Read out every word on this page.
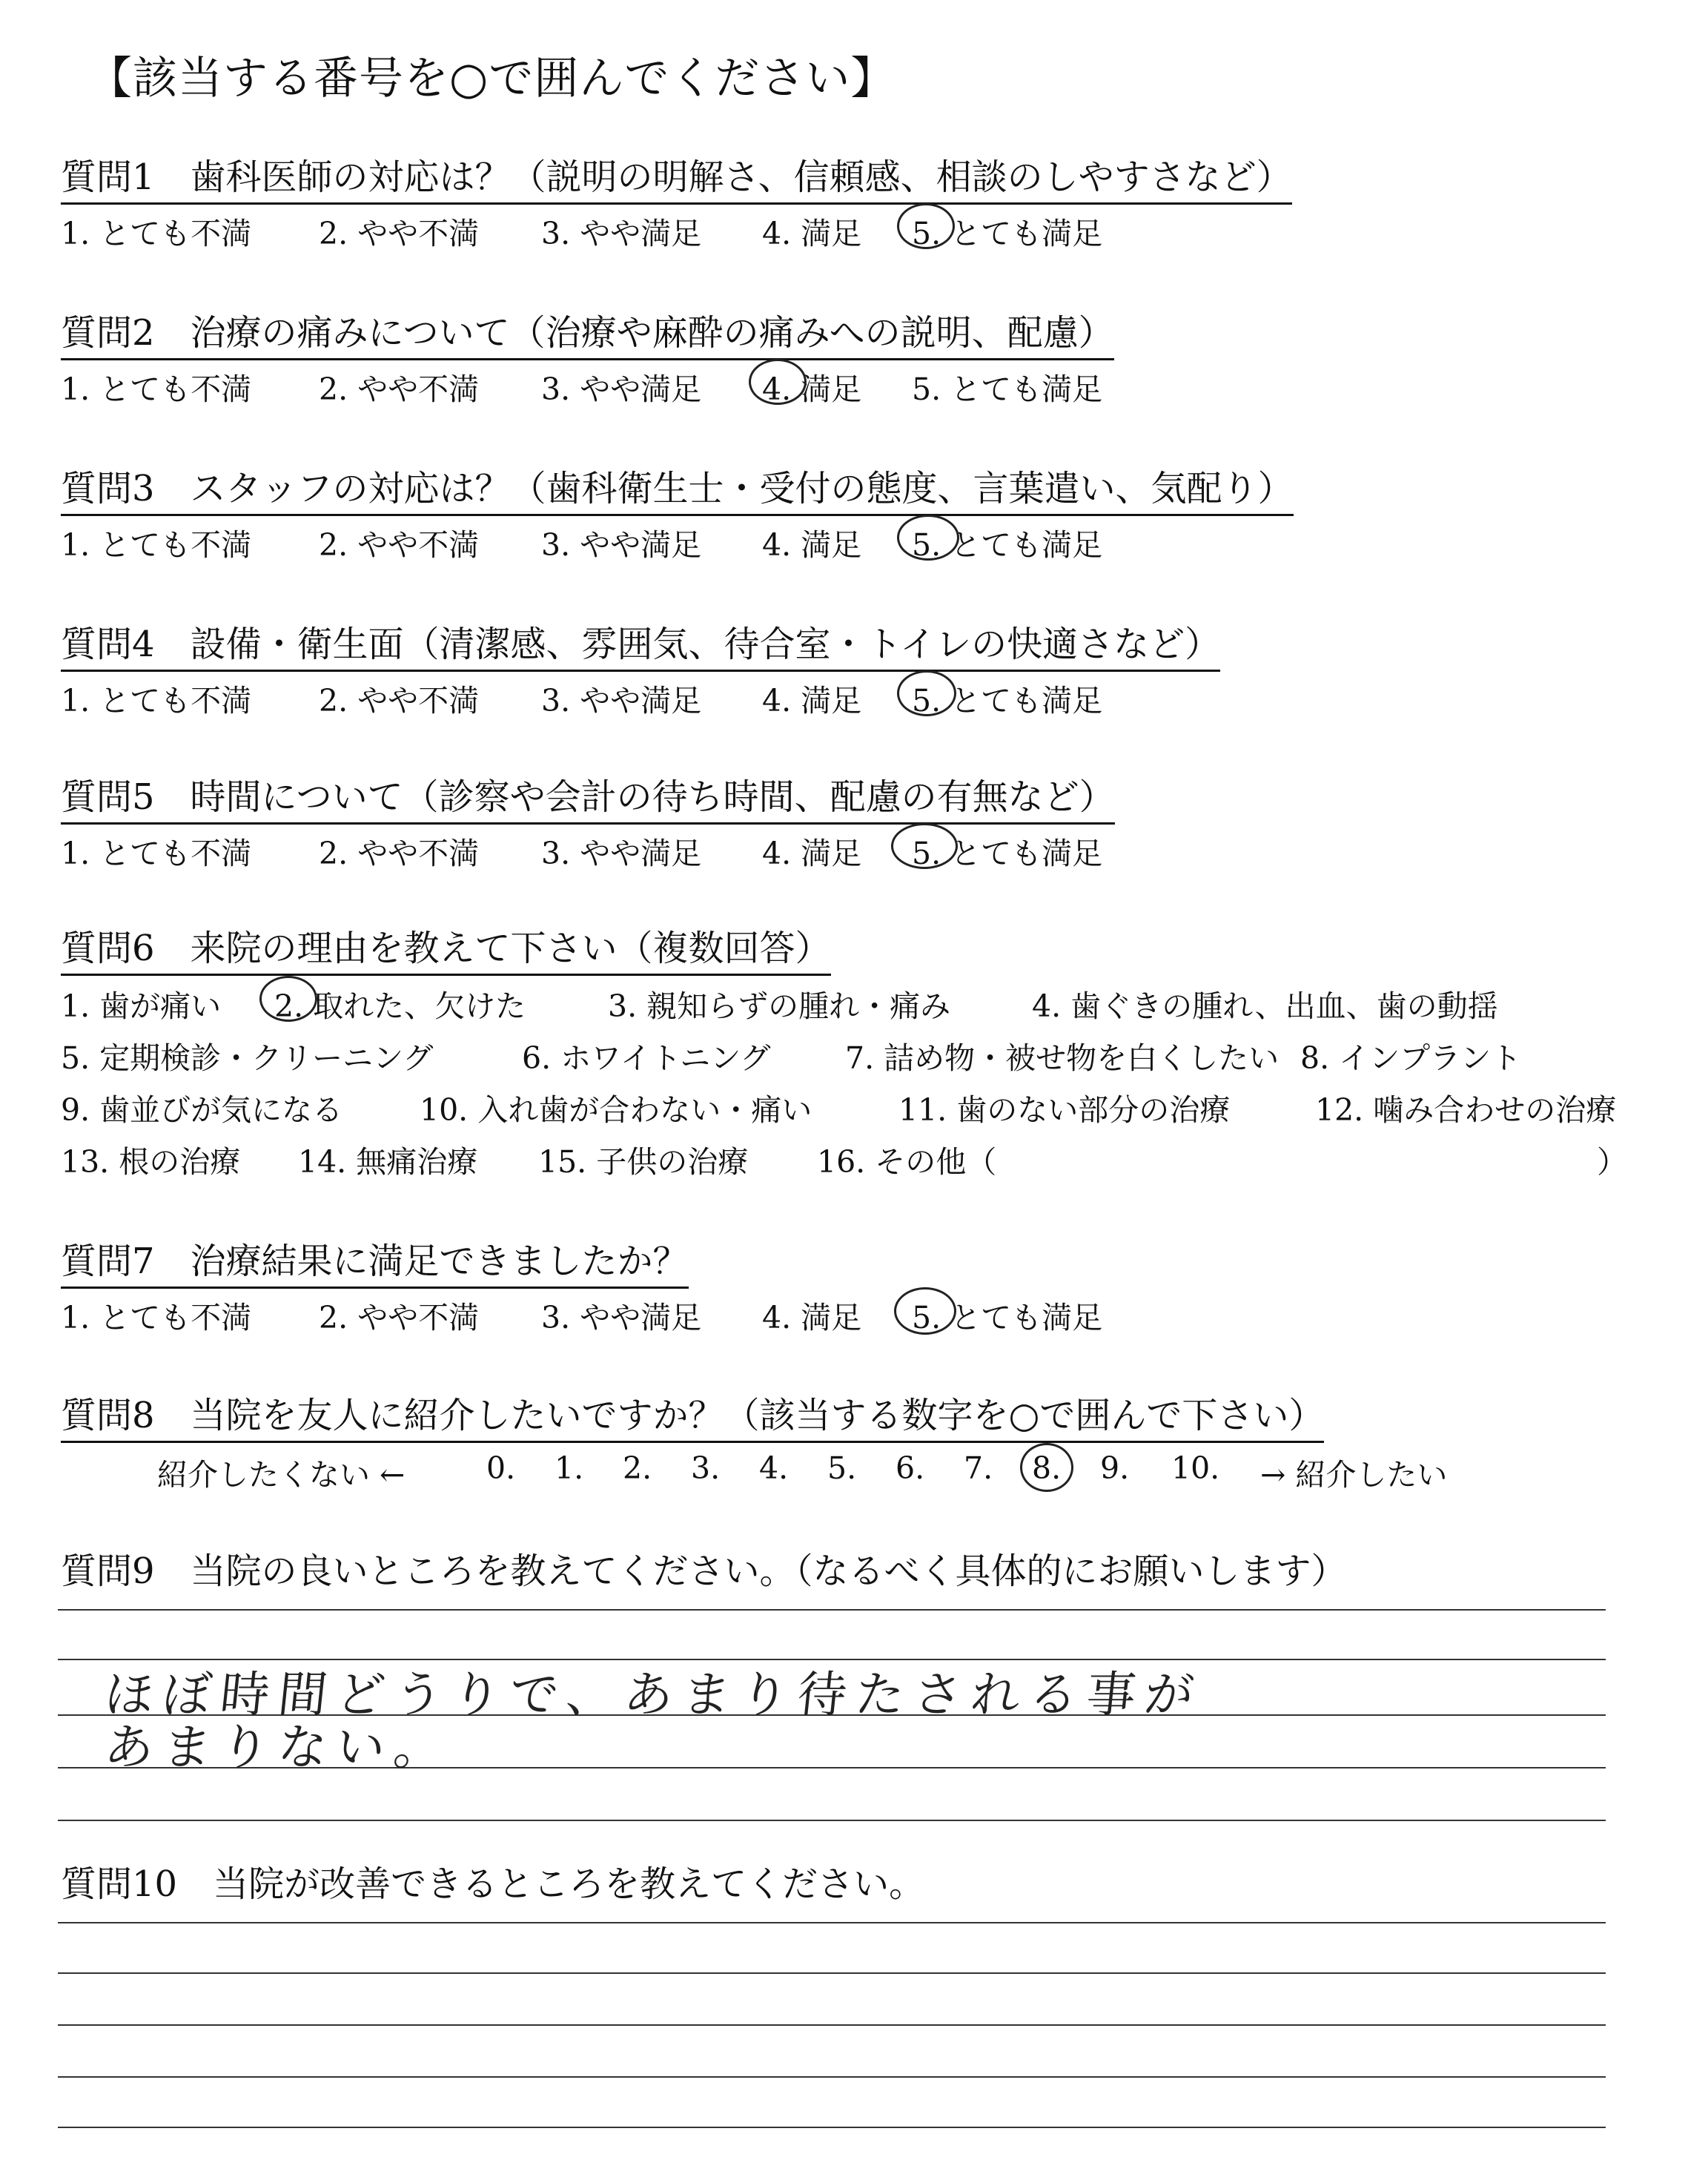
【該当する番号を○で囲んでください】
質問1　歯科医師の対応は？（説明の明解さ、信頼感、相談のしやすさなど）
1. とても不満 2. やや不満 3. やや満足 4. 満足 5. とても満足
質問2　治療の痛みについて（治療や麻酔の痛みへの説明、配慮）
1. とても不満 2. やや不満 3. やや満足 4. 満足 5. とても満足
質問3　スタッフの対応は？（歯科衛生士・受付の態度、言葉遣い、気配り）
1. とても不満 2. やや不満 3. やや満足 4. 満足 5. とても満足
質問4　設備・衛生面（清潔感、雰囲気、待合室・トイレの快適さなど）
1. とても不満 2. やや不満 3. やや満足 4. 満足 5. とても満足
質問5　時間について（診察や会計の待ち時間、配慮の有無など）
1. とても不満 2. やや不満 3. やや満足 4. 満足 5. とても満足
質問6　来院の理由を教えて下さい（複数回答）
1. 歯が痛い 2. 取れた、欠けた	3. 親知らずの腫れ・痛み	4. 歯ぐきの腫れ、出血、歯の動揺
5. 定期検診・クリーニング	6. ホワイトニング 7. 詰め物・被せ物を白くしたい 8. インプラント
9. 歯並びが気になる	10. 入れ歯が合わない・痛い	11. 歯のない部分の治療	12. 噛み合わせの治療
13. 根の治療 14. 無痛治療 15. 子供の治療 16. その他（	）
質問7　治療結果に満足できましたか？
1. とても不満 2. やや不満 3. やや満足 4. 満足 5. とても満足
質問8　当院を友人に紹介したいですか？（該当する数字を○で囲んで下さい）
紹介したくない ←	0. 1. 2. 3. 4. 5. 6. 7. 8. 9. 10. → 紹介したい
質問9　当院の良いところを教えてください。（なるべく具体的にお願いします）
ほぼ時間どうりで、あまり待たされる事が
あまりない。
質問10　当院が改善できるところを教えてください。
